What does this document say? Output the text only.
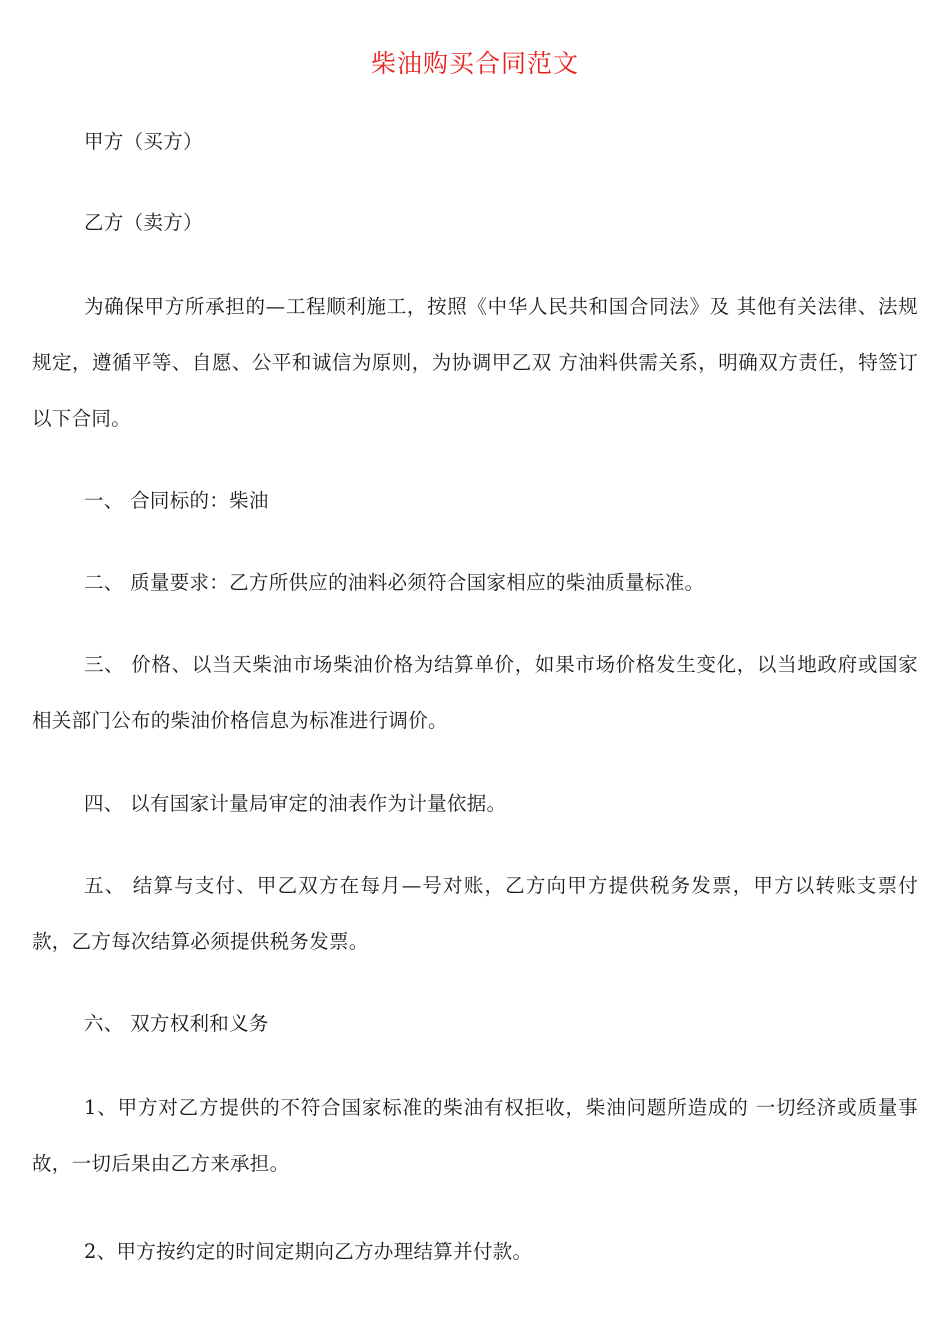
柴油购买合同范文
甲方（买方）
乙方（卖方）
为确保甲方所承担的—工程顺利施工，按照《中华人民共和国合同法》及 其他有关法律、法规规定，遵循平等、自愿、公平和诚信为原则，为协调甲乙双 方油料供需关系，明确双方责任，特签订以下合同。
一、 合同标的：柴油
二、 质量要求：乙方所供应的油料必须符合国家相应的柴油质量标准。
三、 价格、以当天柴油市场柴油价格为结算单价，如果市场价格发生变化，以当地政府或国家相关部门公布的柴油价格信息为标准进行调价。
四、 以有国家计量局审定的油表作为计量依据。
五、 结算与支付、甲乙双方在每月—号对账，乙方向甲方提供税务发票，甲方以转账支票付款，乙方每次结算必须提供税务发票。
六、 双方权利和义务
1、甲方对乙方提供的不符合国家标准的柴油有权拒收，柴油问题所造成的 一切经济或质量事故，一切后果由乙方来承担。
2、甲方按约定的时间定期向乙方办理结算并付款。
